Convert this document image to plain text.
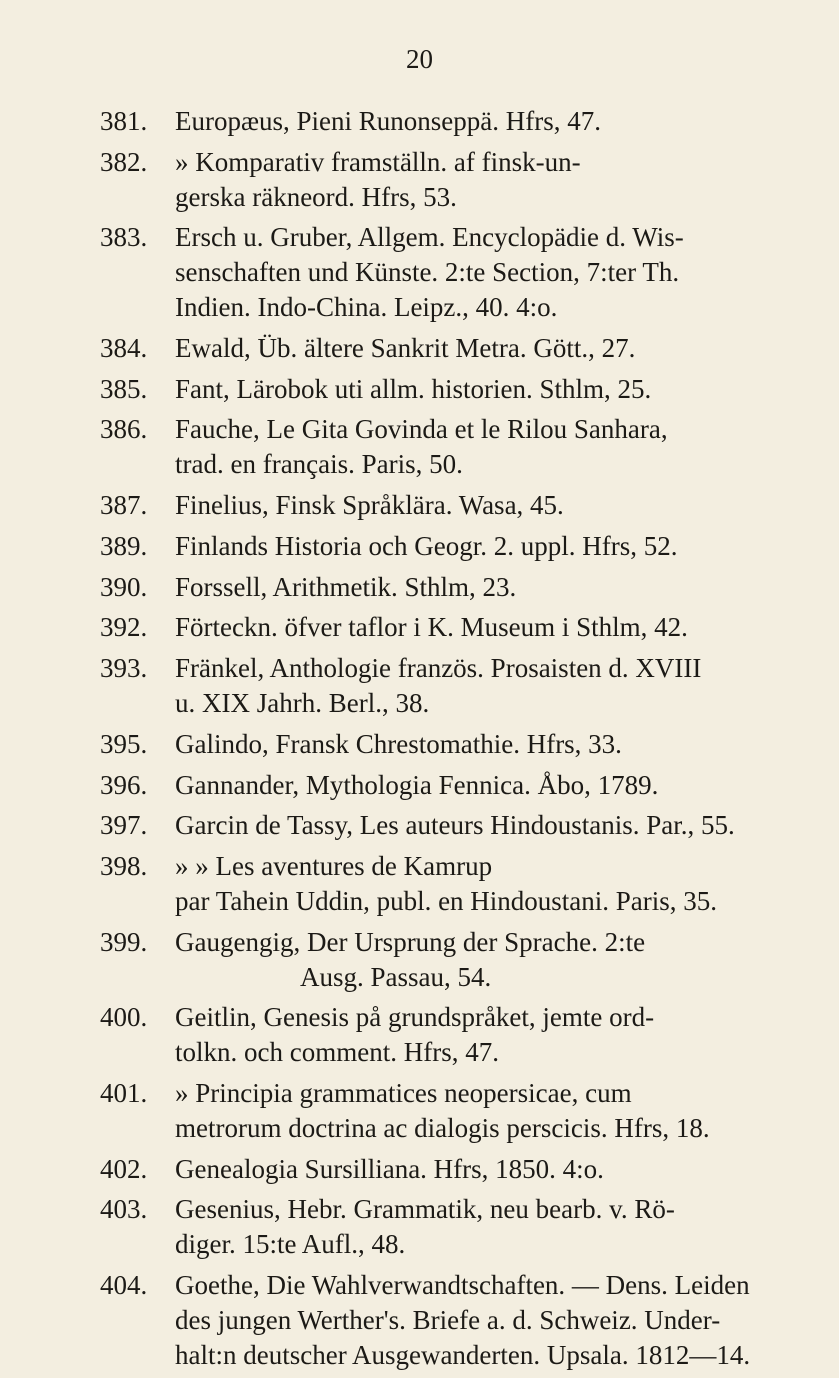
20
381.	Europæus, Pieni Runonseppä. Hfrs, 47.
382.	» Komparativ framställn. af finsk-un-
gerska räkneord. Hfrs, 53.
383.	Ersch u. Gruber, Allgem. Encyclopädie d. Wis-
senschaften und Künste. 2:te Section, 7:ter Th.
Indien. Indo-China. Leipz., 40. 4:o.
384.	Ewald, Üb. ältere Sankrit Metra. Gött., 27.
385.	Fant, Lärobok uti allm. historien. Sthlm, 25.
386.	Fauche, Le Gita Govinda et le Rilou Sanhara,
trad. en français. Paris, 50.
387.	Finelius, Finsk Språklära. Wasa, 45.
389.	Finlands Historia och Geogr. 2. uppl. Hfrs, 52.
390.	Forssell, Arithmetik. Sthlm, 23.
392.	Förteckn. öfver taflor i K. Museum i Sthlm, 42.
393.	Fränkel, Anthologie französ. Prosaisten d. XVIII
u. XIX Jahrh. Berl., 38.
395.	Galindo, Fransk Chrestomathie. Hfrs, 33.
396.	Gannander, Mythologia Fennica. Åbo, 1789.
397.	Garcin de Tassy, Les auteurs Hindoustanis. Par., 55.
398.	» » Les aventures de Kamrup
par Tahein Uddin, publ. en Hindoustani. Paris, 35.
399.	Gaugengig, Der Ursprung der Sprache. 2:te
Ausg. Passau, 54.
400.	Geitlin, Genesis på grundspråket, jemte ord-
tolkn. och comment. Hfrs, 47.
401.	» Principia grammatices neopersicae, cum
metrorum doctrina ac dialogis perscicis. Hfrs, 18.
402.	Genealogia Sursilliana. Hfrs, 1850. 4:o.
403.	Gesenius, Hebr. Grammatik, neu bearb. v. Rö-
diger. 15:te Aufl., 48.
404.	Goethe, Die Wahlverwandtschaften. — Dens. Leiden
des jungen Werther's. Briefe a. d. Schweiz. Under-
halt:n deutscher Ausgewanderten. Upsala. 1812—14.
